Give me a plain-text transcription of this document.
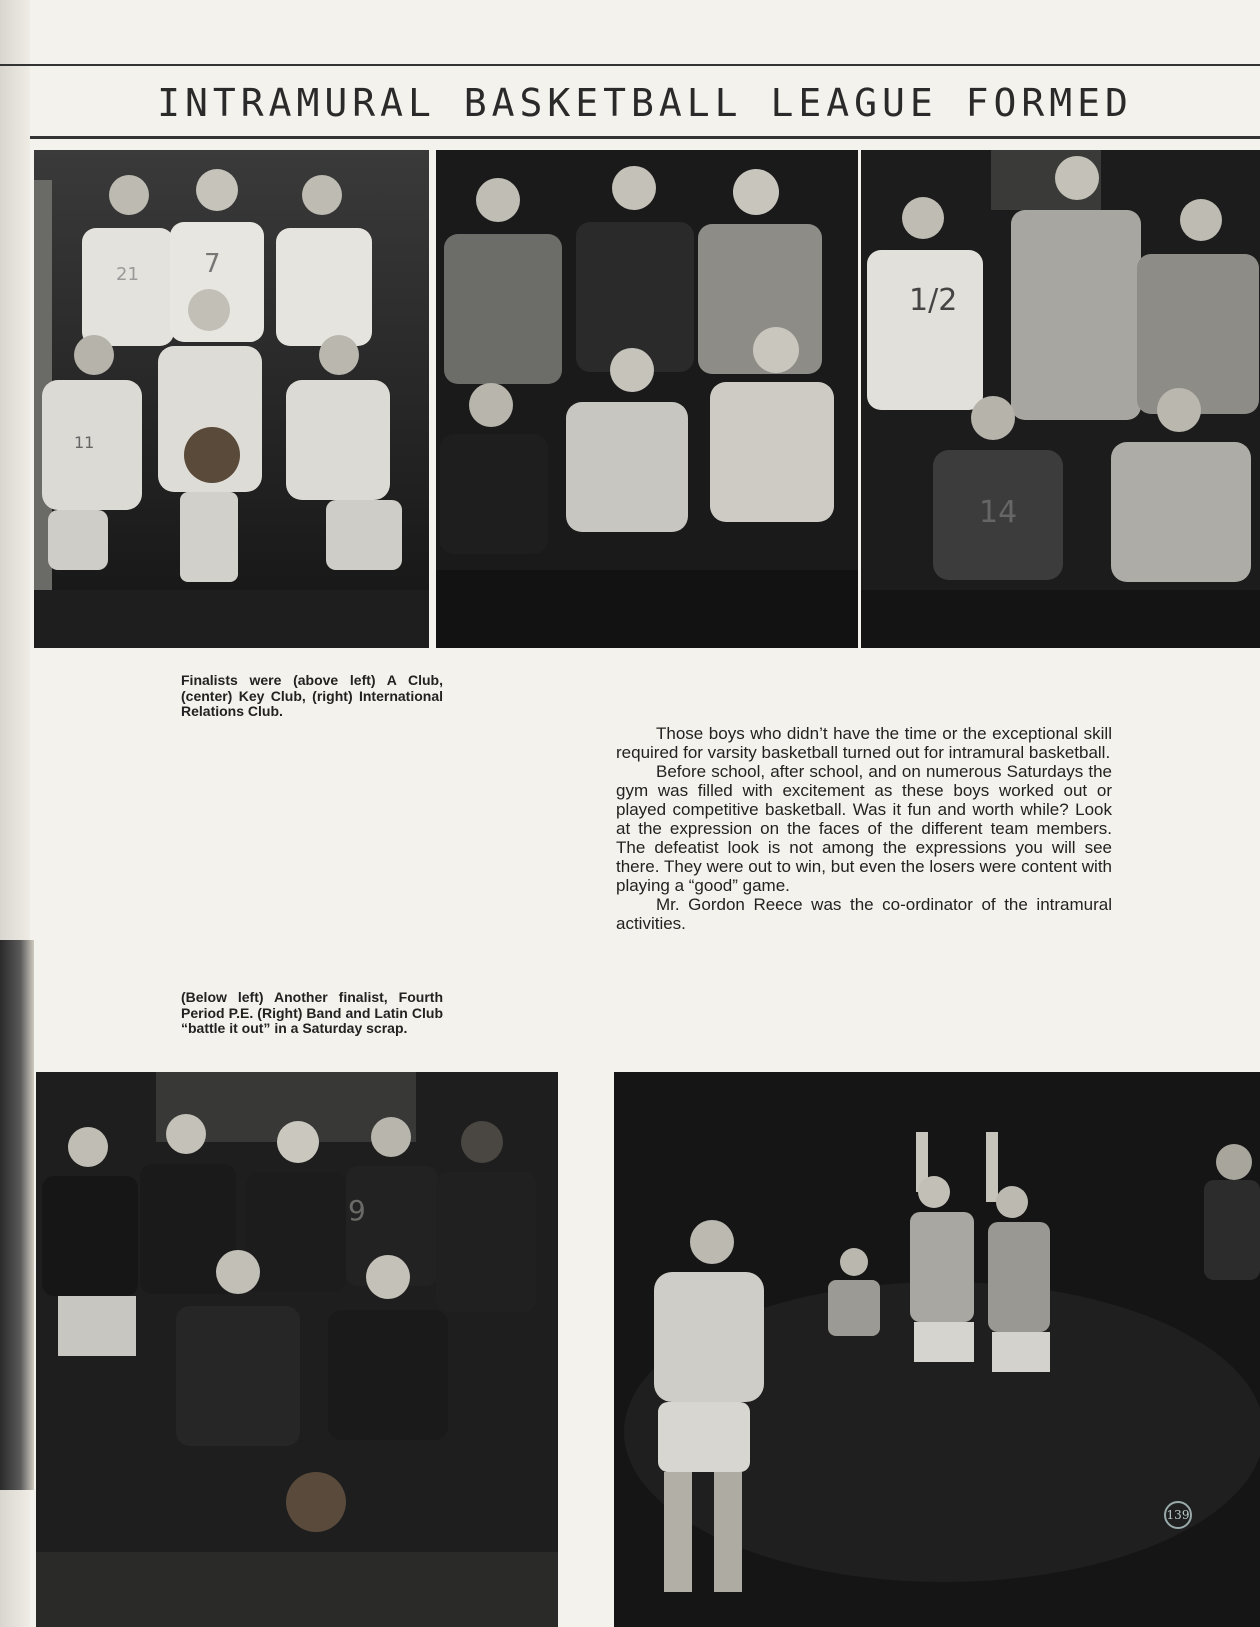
INTRAMURAL BASKETBALL LEAGUE FORMED
21	7
11
1/2
14
Finalists were (above left) A Club, (center) Key Club, (right) International Relations Club.

Those boys who didn’t have the time or the exceptional skill required for varsity basketball turned out for intramural basketball.

Before school, after school, and on numerous Saturdays the gym was filled with excitement as these boys worked out or played competitive basketball. Was it fun and worth while? Look at the expression on the faces of the different team members. The defeatist look is not among the expressions you will see there. They were out to win, but even the losers were content with playing a “good” game.

Mr. Gordon Reece was the co-ordinator of the intramural activities.

(Below left) Another finalist, Fourth Period P.E. (Right) Band and Latin Club “battle it out” in a Saturday scrap.
9
139
